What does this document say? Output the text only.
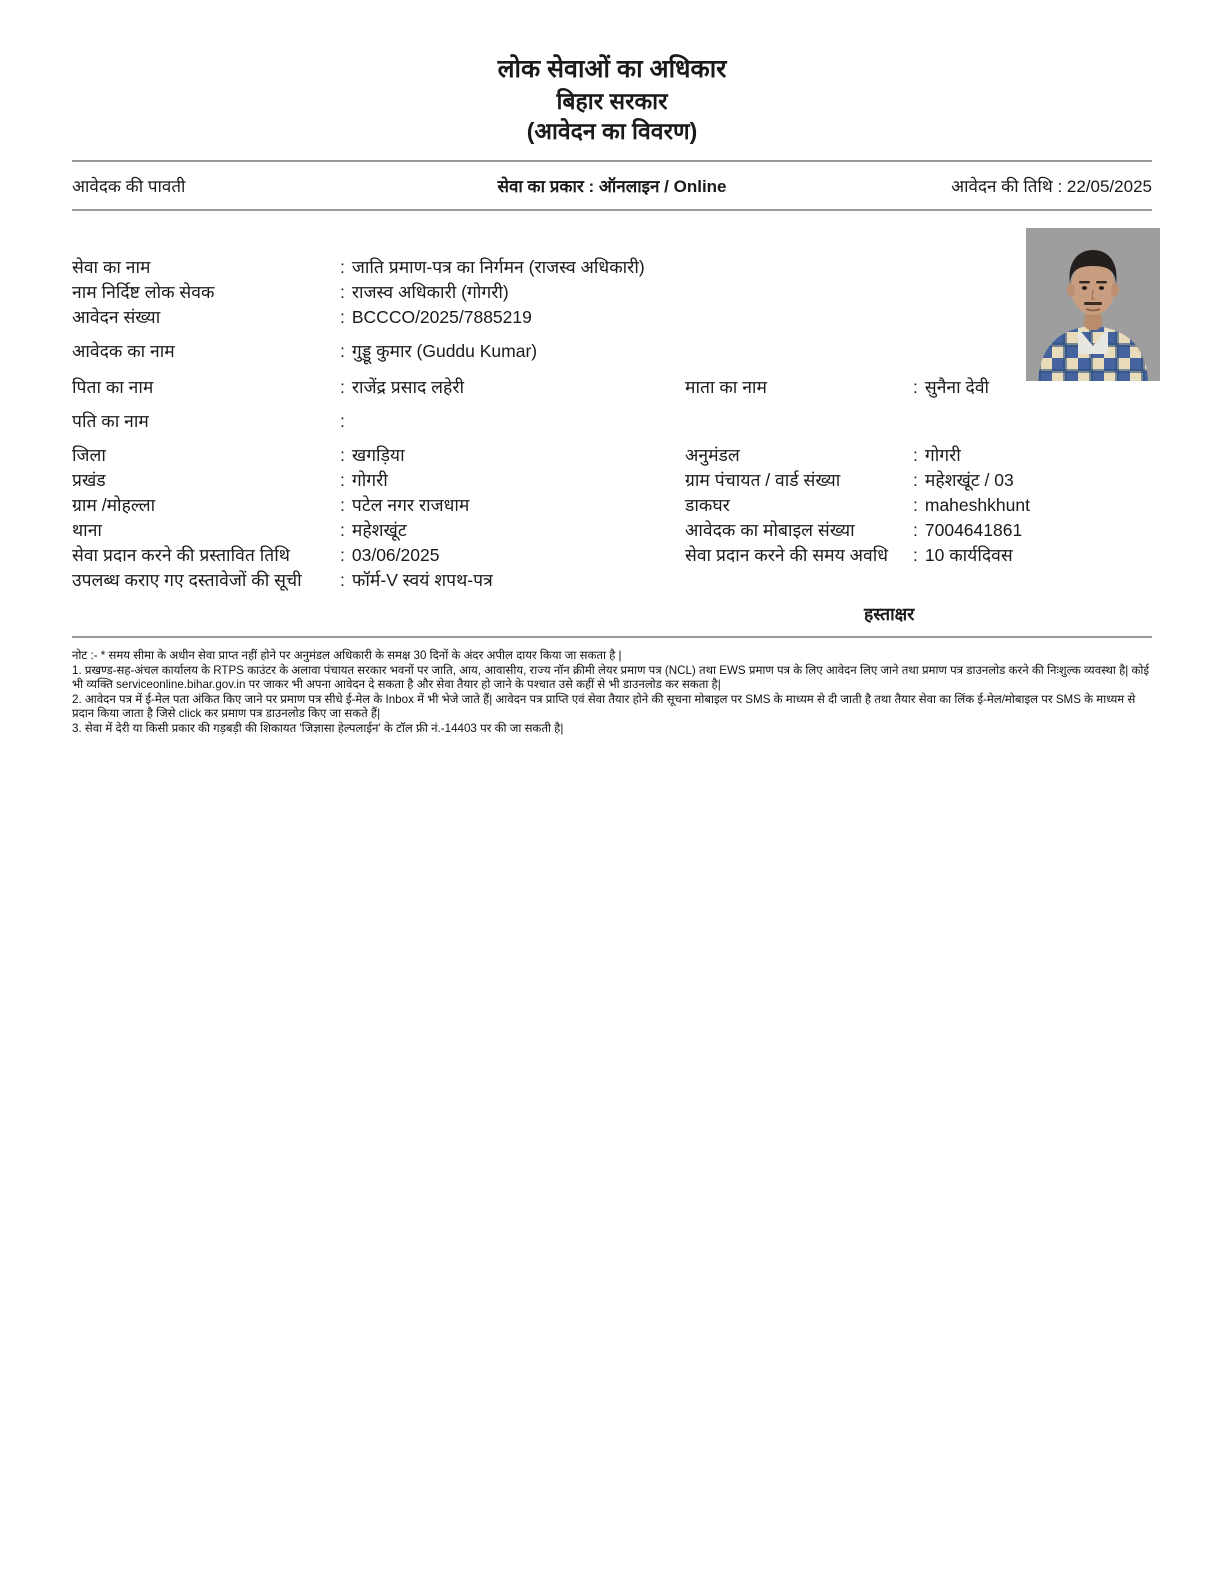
लोक सेवाओं का अधिकार
बिहार सरकार
(आवेदन का विवरण)
आवेदक की पावती	सेवा का प्रकार : ऑनलाइन / Online	आवेदन की तिथि : 22/05/2025
सेवा का नाम	: जाति प्रमाण-पत्र का निर्गमन (राजस्व अधिकारी)
नाम निर्दिष्ट लोक सेवक	: राजस्व अधिकारी (गोगरी)
आवेदन संख्या	: BCCCO/2025/7885219
आवेदक का नाम	: गुड्डू कुमार (Guddu Kumar)
पिता का नाम	: राजेंद्र प्रसाद लहेरी	माता का नाम	: सुनैना देवी
पति का नाम	:
जिला	: खगड़िया	अनुमंडल	: गोगरी
प्रखंड	: गोगरी	ग्राम पंचायत / वार्ड संख्या	: महेशखूंट / 03
ग्राम /मोहल्ला	: पटेल नगर राजधाम	डाकघर	: maheshkhunt
थाना	: महेशखूंट	आवेदक का मोबाइल संख्या	: 7004641861
सेवा प्रदान करने की प्रस्तावित तिथि	: 03/06/2025	सेवा प्रदान करने की समय अवधि	: 10 कार्यदिवस
उपलब्ध कराए गए दस्तावेजों की सूची	: फॉर्म-V स्वयं शपथ-पत्र
हस्ताक्षर

नोट :- * समय सीमा के अधीन सेवा प्राप्त नहीं होने पर अनुमंडल अधिकारी के समक्ष 30 दिनों के अंदर अपील दायर किया जा सकता है |

1. प्रखण्ड-सह-अंचल कार्यालय के RTPS काउंटर के अलावा पंचायत सरकार भवनों पर जाति, आय, आवासीय, राज्य नॉन क्रीमी लेयर प्रमाण पत्र (NCL) तथा EWS प्रमाण पत्र के लिए आवेदन लिए जाने तथा प्रमाण पत्र डाउनलोड करने की निःशुल्क व्यवस्था है| कोई भी व्यक्ति serviceonline.bihar.gov.in पर जाकर भी अपना आवेदन दे सकता है और सेवा तैयार हो जाने के पश्चात उसे कहीं से भी डाउनलोड कर सकता है|

2. आवेदन पत्र में ई-मेल पता अंकित किए जाने पर प्रमाण पत्र सीधे ई-मेल के Inbox में भी भेजे जाते हैं| आवेदन पत्र प्राप्ति एवं सेवा तैयार होने की सूचना मोबाइल पर SMS के माध्यम से दी जाती है तथा तैयार सेवा का लिंक ई-मेल/मोबाइल पर SMS के माध्यम से प्रदान किया जाता है जिसे click कर प्रमाण पत्र डाउनलोड किए जा सकते हैं|

3. सेवा में देरी या किसी प्रकार की गड़बड़ी की शिकायत 'जिज्ञासा हेल्पलाईन' के टॉल फ्री नं.-14403 पर की जा सकती है|
